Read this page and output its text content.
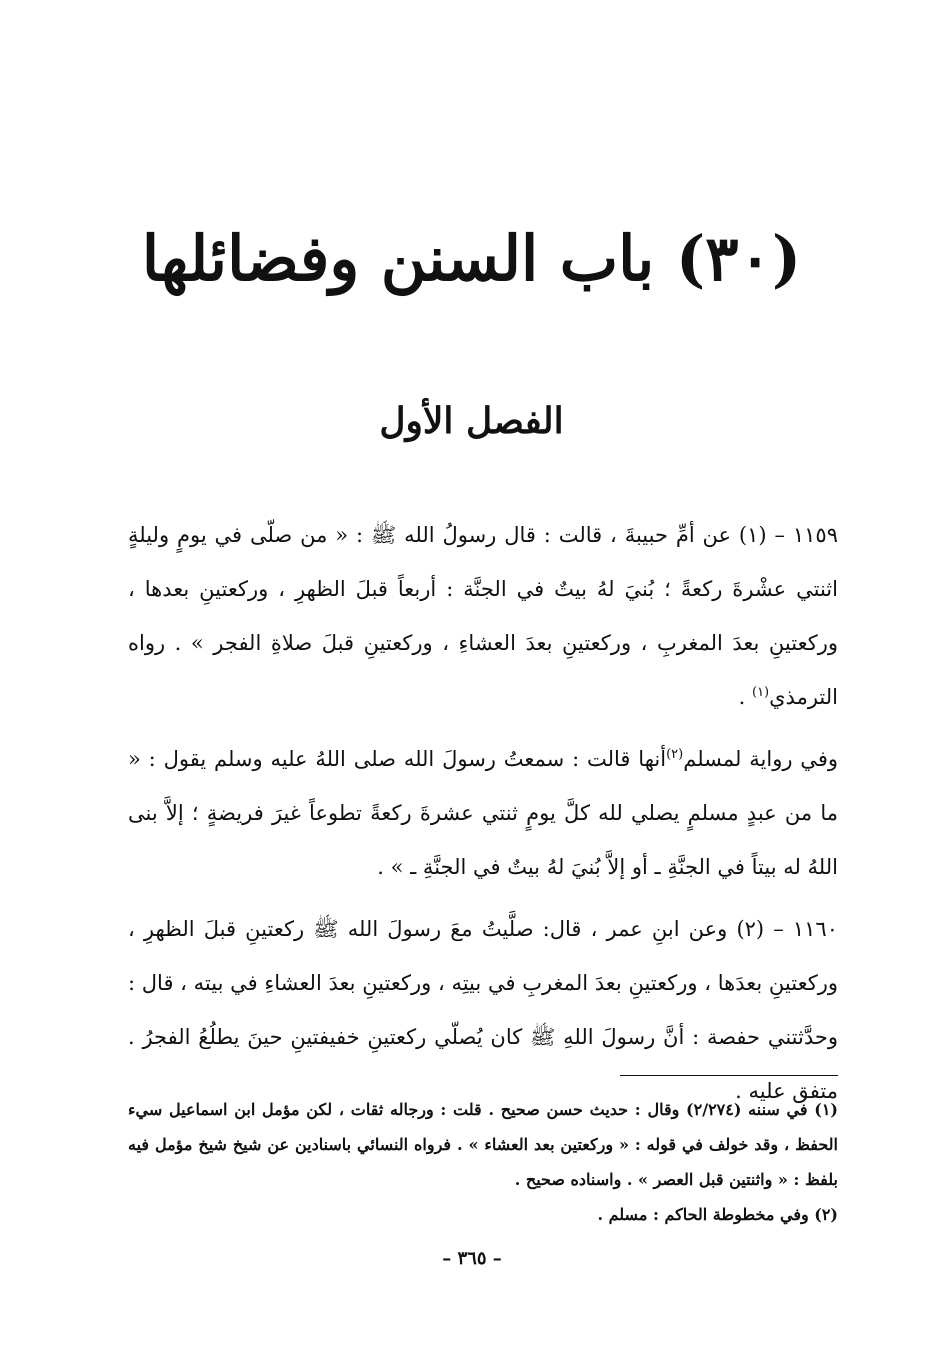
(٣٠) باب السنن وفضائلها
الفصل الأول

١١٥٩ – (١) عن أمِّ حبيبةَ ، قالت : قال رسولُ الله ﷺ : « من صلّى في يومٍ وليلةٍ اثنتي عشْرةَ ركعةً ؛ بُنيَ لهُ بيتٌ في الجنَّة : أربعاً قبلَ الظهرِ ، وركعتينِ بعدها ، وركعتينِ بعدَ المغربِ ، وركعتينِ بعدَ العشاءِ ، وركعتينِ قبلَ صلاةِ الفجر » . رواه الترمذي$^{(١)}$ .

وفي رواية لمسلم$^{(٢)}$أنها قالت : سمعتُ رسولَ الله صلى اللهُ عليه وسلم يقول : « ما من عبدٍ مسلمٍ يصلي لله كلَّ يومٍ ثنتي عشرةَ ركعةً تطوعاً غيرَ فريضةٍ ؛ إلاَّ بنى اللهُ له بيتاً في الجنَّةِ ـ أو إلاَّ بُنيَ لهُ بيتٌ في الجنَّةِ ـ » .

١١٦٠ – (٢) وعن ابنِ عمر ، قال: صلَّيتُ معَ رسولَ الله ﷺ ركعتينِ قبلَ الظهرِ ، وركعتينِ بعدَها ، وركعتينِ بعدَ المغربِ في بيتِه ، وركعتينِ بعدَ العشاءِ في بيته ، قال : وحدَّثتني حفصة : أنَّ رسولَ اللهِ ﷺ كان يُصلّي ركعتينِ خفيفتينِ حينَ يطلُعُ الفجرُ . متفق عليه .

(١) في سننه (٢/٢٧٤) وقال : حديث حسن صحيح . قلت : ورجاله ثقات ، لكن مؤمل ابن اسماعيل سيء الحفظ ، وقد خولف في قوله : « وركعتين بعد العشاء » . فرواه النسائي باسنادين عن شيخ شيخ مؤمل فيه بلفظ : « واثنتين قبل العصر » . واسناده صحيح .

(٢) وفي مخطوطة الحاكم : مسلم .

– ٣٦٥ –
